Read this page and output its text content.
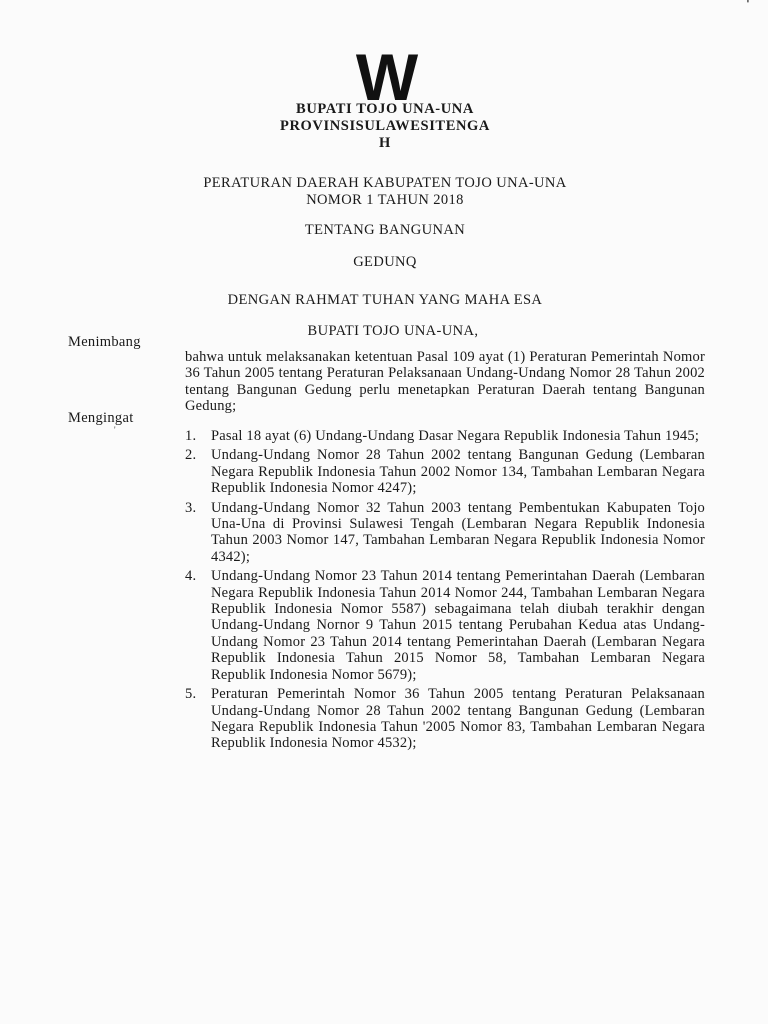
W
'
BUPATI TOJO UNA-UNA
PROVINSISULAWESITENGA
H
PERATURAN DAERAH KABUPATEN TOJO UNA-UNA
NOMOR 1 TAHUN 2018
TENTANG BANGUNAN
GEDUNQ
DENGAN RAHMAT TUHAN YANG MAHA ESA
BUPATI TOJO UNA-UNA,
Menimbang
bahwa untuk melaksanakan ketentuan Pasal 109 ayat (1) Peraturan Pemerintah Nomor 36 Tahun 2005 tentang Peraturan Pelaksanaan Undang-Undang Nomor 28 Tahun 2002 tentang Bangunan Gedung perlu menetapkan Peraturan Daerah tentang Bangunan Gedung;
Mengingat
'	1. Pasal 18 ayat (6) Undang-Undang Dasar Negara Republik Indonesia Tahun 1945;
2. Undang-Undang Nomor 28 Tahun 2002 tentang Bangunan Gedung (Lembaran Negara Republik Indonesia Tahun 2002 Nomor 134, Tambahan Lembaran Negara Republik Indonesia Nomor 4247);
3. Undang-Undang Nomor 32 Tahun 2003 tentang Pembentukan Kabupaten Tojo Una-Una di Provinsi Sulawesi Tengah (Lembaran Negara Republik Indonesia Tahun 2003 Nomor 147, Tambahan Lembaran Negara Republik Indonesia Nomor 4342);
4. Undang-Undang Nomor 23 Tahun 2014 tentang Pemerintahan Daerah (Lembaran Negara Republik Indonesia Tahun 2014 Nomor 244, Tambahan Lembaran Negara Republik Indonesia Nomor 5587) sebagaimana telah diubah terakhir dengan Undang-Undang Nornor 9 Tahun 2015 tentang Perubahan Kedua atas Undang-Undang Nomor 23 Tahun 2014 tentang Pemerintahan Daerah (Lembaran Negara Republik Indonesia Tahun 2015 Nomor 58, Tambahan Lembaran Negara Republik Indonesia Nomor 5679);
5. Peraturan Pemerintah Nomor 36 Tahun 2005 tentang Peraturan Pelaksanaan Undang-Undang Nomor 28 Tahun 2002 tentang Bangunan Gedung (Lembaran Negara Republik Indonesia Tahun '2005 Nomor 83, Tambahan Lembaran Negara Republik Indonesia Nomor 4532);
